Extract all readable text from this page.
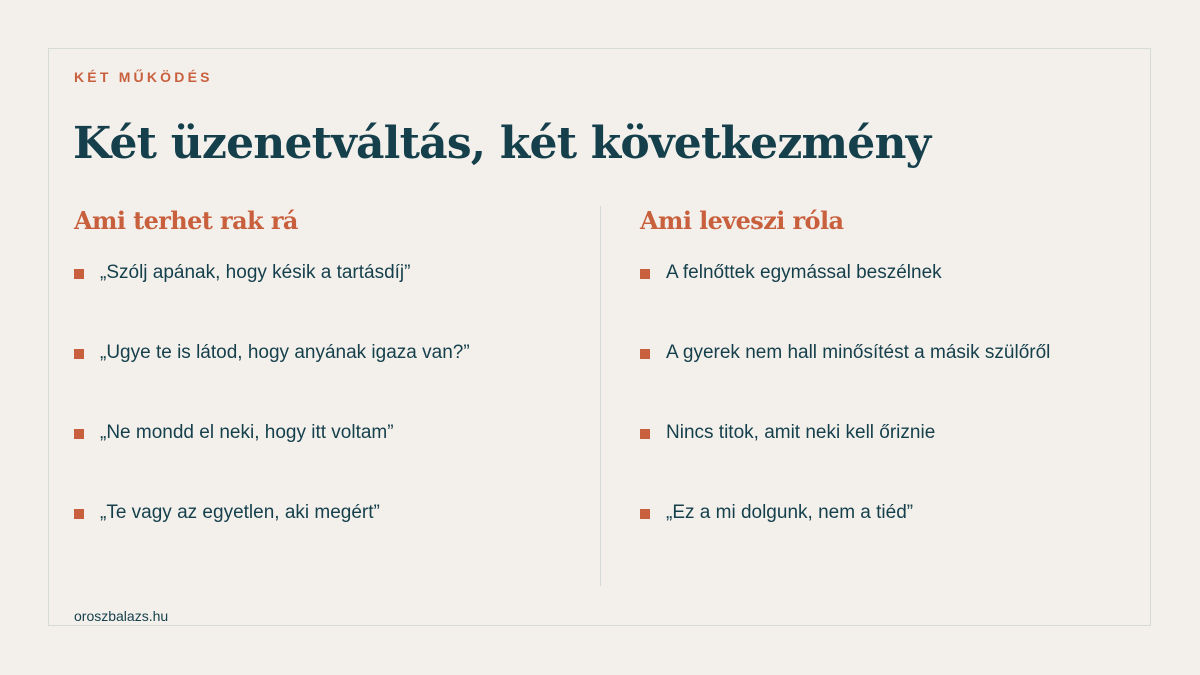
KÉT MŰKÖDÉS
Két üzenetváltás, két következmény
Ami terhet rak rá	Ami leveszi róla
„Szólj apának, hogy késik a tartásdíj”
„Ugye te is látod, hogy anyának igaza van?”
„Ne mondd el neki, hogy itt voltam”
„Te vagy az egyetlen, aki megért”
A felnőttek egymással beszélnek
A gyerek nem hall minősítést a másik szülőről
Nincs titok, amit neki kell őriznie
„Ez a mi dolgunk, nem a tiéd”
oroszbalazs.hu
